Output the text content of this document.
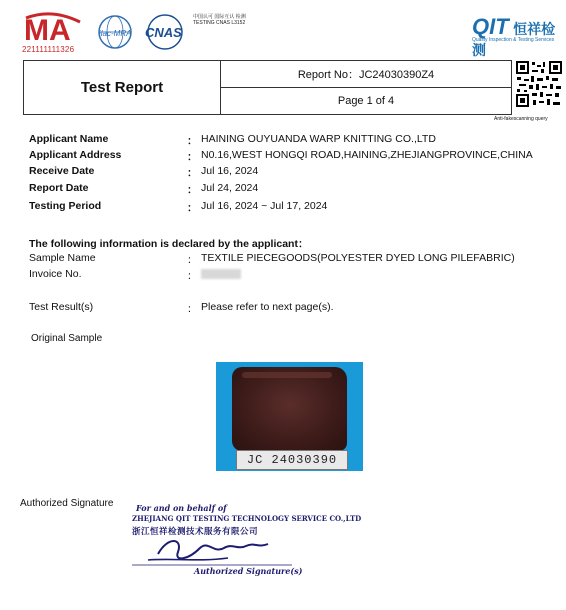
MA
221111111326
ilac-MRA CNAS
中国认可 国际互认 检测 TESTING CNAS L3152	QIT 恒祥检测
Quality Inspection & Testing Services
Test Report
Report No：JC24030390Z4
Page 1 of 4
Anti-fakescanning query
Applicant Name	： HAINING OUYUANDA WARP KNITTING CO.,LTD
Applicant Address	： N0.16,WEST HONGQI ROAD,HAINING,ZHEJIANGPROVINCE,CHINA
Receive Date	： Jul 16, 2024
Report Date	： Jul 24, 2024
Testing Period	： Jul 16, 2024 ~ Jul 17, 2024
The following information is declared by the applicant：
Sample Name	： TEXTILE PIECEGOODS(POLYESTER DYED LONG PILEFABRIC)
Invoice No.	：
Test Result(s)	： Please refer to next page(s).
Original Sample
JC 24030390
Authorized Signature	For and on behalf of
ZHEJIANG QIT TESTING TECHNOLOGY SERVICE CO.,LTD
浙江恒祥检测技术服务有限公司
Authorized Signature(s)
